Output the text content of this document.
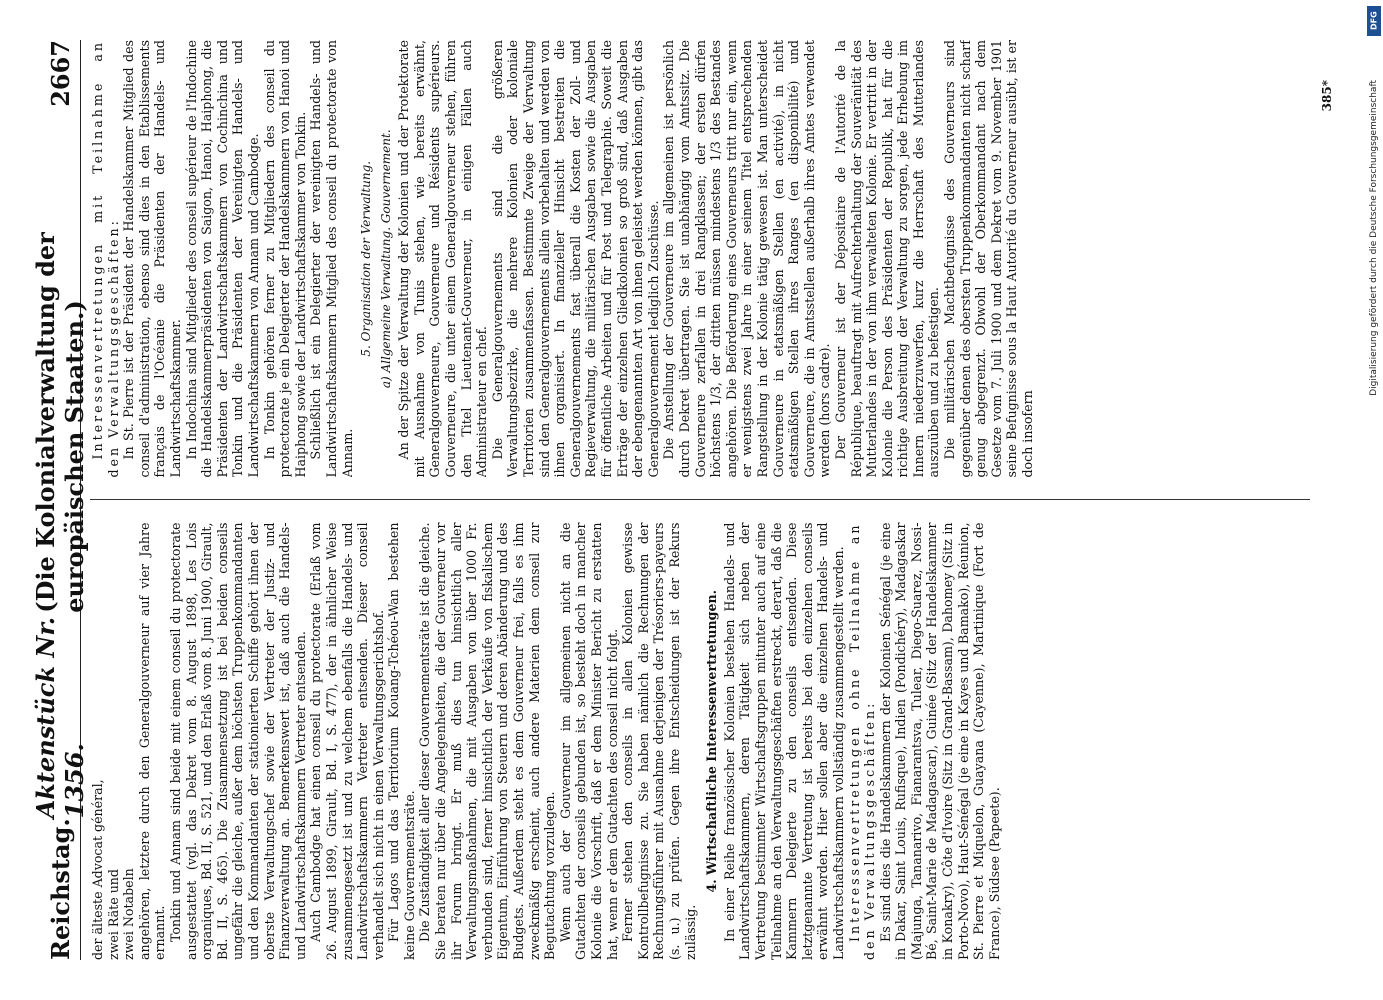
Reichstag.
Aktenstück Nr. 1356.
(Die Kolonialverwaltung der europäischen Staaten.)
2667

der älteste Advocat général, zwei Räte und zwei Notabeln angehören, letztere durch den Generalgouverneur auf vier Jahre ernannt. Tonkin und Annam sind beide mit einem conseil du protectorate ausgestattet (vgl. das Dekret vom 8. August 1898, Les Lois organiques, Bd. II, S. 521, und den Erlaß vom 8. Juni 1900, Girault, Bd. II, S. 465). Die Zusammensetzung ist bei beiden conseils ungefähr die gleiche, außer dem höchsten Truppenkommandanten und den Kommandanten der stationierten Schiffe gehört ihnen der oberste Verwaltungschef sowie der Vertreter der Justiz- und Finanzverwaltung an. Bemerkenswert ist, daß auch die Handels- und Landwirtschaftskammern Vertreter entsenden. Auch Cambodge hat einen conseil du protectorate (Erlaß vom 26. August 1899, Girault, Bd. I, S. 477), der in ähnlicher Weise zusammengesetzt ist und zu welchem ebenfalls die Handels- und Landwirtschaftskammern Vertreter entsenden. Dieser conseil verhandelt sich nicht in einen Verwaltungsgerichtshof. Für Lagos und das Territorium Kouang-Tchéou-Wan bestehen keine Gouvernementsräte. Die Zuständigkeit aller dieser Gouvernementsräte ist die gleiche. Sie beraten nur über die Angelegenheiten, die der Gouverneur vor ihr Forum bringt. Er muß dies tun hinsichtlich aller Verwaltungsmaßnahmen, die mit Ausgaben von über 1000 Fr. verbunden sind, ferner hinsichtlich der Verkäufe von fiskalischem Eigentum, Einführung von Steuern und deren Abänderung und des Budgets. Außerdem steht es dem Gouverneur frei, falls es ihm zweckmäßig erscheint, auch andere Materien dem conseil zur Begutachtung vorzulegen. Wenn auch der Gouverneur im allgemeinen nicht an die Gutachten der conseils gebunden ist, so besteht doch in mancher Kolonie die Vorschrift, daß er dem Minister Bericht zu erstatten hat, wenn er dem Gutachten des conseil nicht folgt. Ferner stehen den conseils in allen Kolonien gewisse Kontrollbefugnisse zu. Sie haben nämlich die Rechnungen der Rechnungsführer mit Ausnahme derjenigen der Trésoriers-payeurs (s. u.) zu prüfen. Gegen ihre Entscheidungen ist der Rekurs zulässig.

4. Wirtschaftliche Interessenvertretungen. In einer Reihe französischer Kolonien bestehen Handels- und Landwirtschaftskammern, deren Tätigkeit sich neben der Vertretung bestimmter Wirtschaftsgruppen mitunter auch auf eine Teilnahme an den Verwaltungsgeschäften erstreckt, derart, daß die Kammern Delegierte zu den conseils entsenden. Diese letztgenannte Vertretung ist bereits bei den einzelnen conseils erwähnt worden. Hier sollen aber die einzelnen Handels- und Landwirtschaftskammern vollständig zusammengestellt werden. Interessenvertretungen ohne Teilnahme an den Verwaltungsgeschäften: Es sind dies die Handelskammern der Kolonien Sénégal (je eine in Dakar, Saint Louis, Rufisque), Indien (Pondichéry), Madagaskar (Majunga, Tananarivo, Fianarantsva, Tulear, Diego-Suarez, Nossi-Bé, Saint-Marie de Madagascar), Guinée (Sitz der Handelskammer in Konakry), Côte d'Ivoire (Sitz in Grand-Bassam), Dahomey (Sitz in Porto-Novo), Haut-Sénégal (je eine in Kayes und Bamako), Réunion, St. Pierre et Miquelon, Guayana (Cayenne), Martinique (Fort de France), Südsee (Papeete).

Interessenvertretungen mit Teilnahme an den Verwaltungsgeschäften: In St. Pierre ist der Präsident der Handelskammer Mitglied des conseil d'administration, ebenso sind dies in den Etablissements français de l'Océanie die Präsidenten der Handels- und Landwirtschaftskammer. In Indochina sind Mitglieder des conseil supérieur de l'Indochine die Handelskammerpräsidenten von Saigon, Hanoi, Haiphong, die Präsidenten der Landwirtschaftskammern von Cochinchina und Tonkin und die Präsidenten der Vereinigten Handels- und Landwirtschaftskammern von Annam und Cambodge. In Tonkin gehören ferner zu Mitgliedern des conseil du protectorate je ein Delegierter der Handelskammern von Hanoi und Haiphong sowie der Landwirtschaftskammer von Tonkin. Schließlich ist ein Delegierter der vereinigten Handels- und Landwirtschaftskammern Mitglied des conseil du protectorate von Annam.

5. Organisation der Verwaltung. a) Allgemeine Verwaltung. Gouvernement. An der Spitze der Verwaltung der Kolonien und der Protektorate mit Ausnahme von Tunis stehen, wie bereits erwähnt, Generalgouverneure, Gouverneure und Résidents supérieurs. Gouverneure, die unter einem Generalgouverneur stehen, führen den Titel Lieutenant-Gouverneur, in einigen Fällen auch Administrateur en chef. Die Generalgouvernements sind die größeren Verwaltungsbezirke, die mehrere Kolonien oder koloniale Territorien zusammenfassen. Bestimmte Zweige der Verwaltung sind den Generalgouvernements allein vorbehalten und werden von ihnen organisiert. In finanzieller Hinsicht bestreiten die Generalgouvernements fast überall die Kosten der Zoll- und Regieverwaltung, die militärischen Ausgaben sowie die Ausgaben für öffentliche Arbeiten und für Post und Telegraphie. Soweit die Erträge der einzelnen Gliedkolonien so groß sind, daß Ausgaben der ebengenannten Art von ihnen geleistet werden können, gibt das Generalgouvernement lediglich Zuschüsse. Die Anstellung der Gouverneure im allgemeinen ist persönlich durch Dekret übertragen. Sie ist unabhängig vom Amtssitz. Die Gouverneure zerfallen in drei Rangklassen; der ersten dürfen höchstens 1/3, der dritten müssen mindestens 1/3 des Bestandes angehören. Die Beförderung eines Gouverneurs tritt nur ein, wenn er wenigstens zwei Jahre in einer seinem Titel entsprechenden Rangstellung in der Kolonie tätig gewesen ist. Man unterscheidet Gouverneure in etatsmäßigen Stellen (en activité), in nicht etatsmäßigen Stellen ihres Ranges (en disponibilité) und Gouverneure, die in Amtsstellen außerhalb ihres Amtes verwendet werden (hors cadre). Der Gouverneur ist der Dépositaire de l'Autorité de la République, beauftragt mit Aufrechterhaltung der Souveränität des Mutterlandes in der von ihm verwalteten Kolonie. Er vertritt in der Kolonie die Person des Präsidenten der Republik, hat für die richtige Ausbreitung der Verwaltung zu sorgen, jede Erhebung im Innern niederzuwerfen, kurz die Herrschaft des Mutterlandes auszuüben und zu befestigen. Die militärischen Machtbefugnisse des Gouverneurs sind gegenüber denen des obersten Truppenkommandanten nicht scharf genug abgegrenzt. Obwohl der Oberkommandant nach dem Gesetze vom 7. Juli 1900 und dem Dekret vom 9. November 1901 seine Befugnisse sous la Haut Autorité du Gouverneur ausübt, ist er doch insofern

385*	Digitalisierung gefördert durch die Deutsche Forschungsgemeinschaft
DFG
